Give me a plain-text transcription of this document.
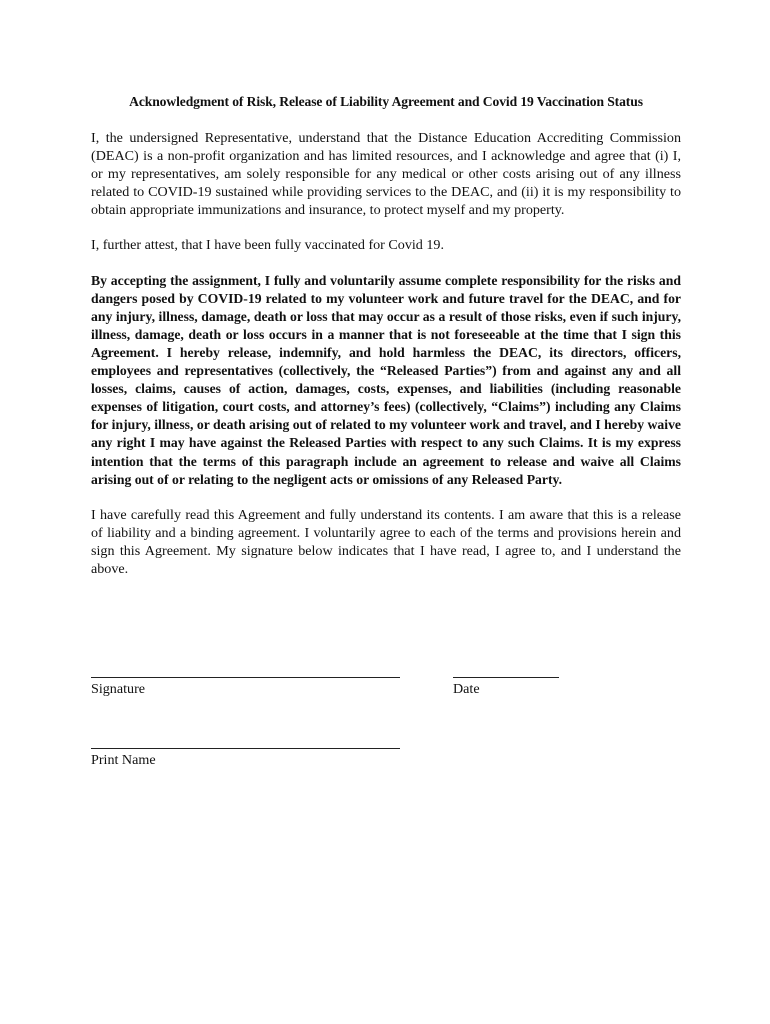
Acknowledgment of Risk, Release of Liability Agreement and Covid 19 Vaccination Status

I, the undersigned Representative, understand that the Distance Education Accrediting Commission (DEAC) is a non-profit organization and has limited resources, and I acknowledge and agree that (i) I, or my representatives, am solely responsible for any medical or other costs arising out of any illness related to COVID-19 sustained while providing services to the DEAC, and (ii) it is my responsibility to obtain appropriate immunizations and insurance, to protect myself and my property.

I, further attest, that I have been fully vaccinated for Covid 19.

By accepting the assignment, I fully and voluntarily assume complete responsibility for the risks and dangers posed by COVID-19 related to my volunteer work and future travel for the DEAC, and for any injury, illness, damage, death or loss that may occur as a result of those risks, even if such injury, illness, damage, death or loss occurs in a manner that is not foreseeable at the time that I sign this Agreement. I hereby release, indemnify, and hold harmless the DEAC, its directors, officers, employees and representatives (collectively, the “Released Parties”) from and against any and all losses, claims, causes of action, damages, costs, expenses, and liabilities (including reasonable expenses of litigation, court costs, and attorney’s fees) (collectively, “Claims”) including any Claims for injury, illness, or death arising out of related to my volunteer work and travel, and I hereby waive any right I may have against the Released Parties with respect to any such Claims. It is my express intention that the terms of this paragraph include an agreement to release and waive all Claims arising out of or relating to the negligent acts or omissions of any Released Party.

I have carefully read this Agreement and fully understand its contents. I am aware that this is a release of liability and a binding agreement. I voluntarily agree to each of the terms and provisions herein and sign this Agreement. My signature below indicates that I have read, I agree to, and I understand the above.

Signature	Date
Print Name
